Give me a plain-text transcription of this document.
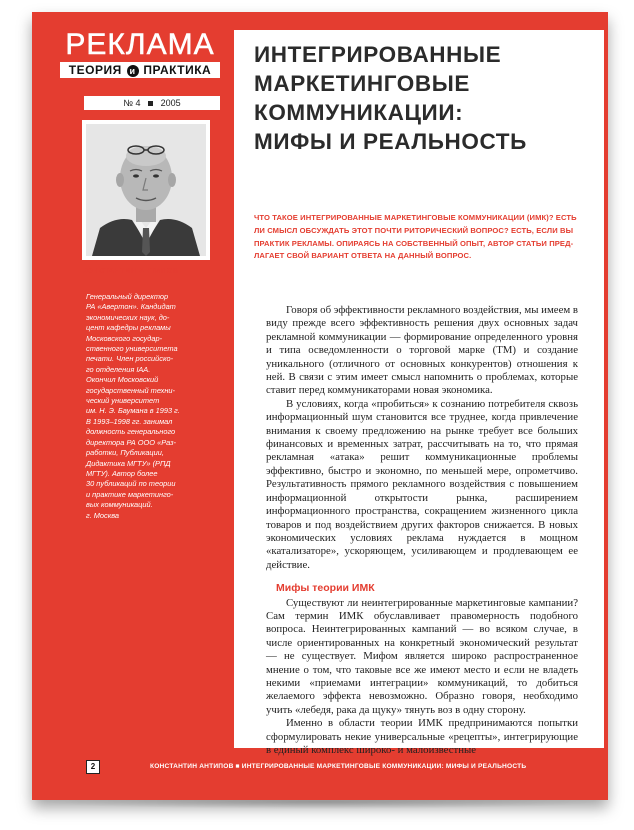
РЕКЛАМА
ТЕОРИЯ и ПРАКТИКА
№ 4 2005
КОНСТАНТИН АНТИПОВ

Генеральный директор

РА «Авертон». Кандидат

экономических наук, до-

цент кафедры рекламы

Московского государ-

ственного университета

печати. Член российско-

го отделения IAA.

Окончил Московский

государственный техни-

ческий университет

им. Н. Э. Баумана в 1993 г.

В 1993–1998 гг. занимал

должность генерального

директора РА ООО «Раз-

работки, Публикации,

Дидактика МГТУ» (РПД

МГТУ). Автор более

30 публикаций по теории

и практике маркетинго-

вых коммуникаций.

г. Москва

ИНТЕГРИРОВАННЫЕ
МАРКЕТИНГОВЫЕ
КОММУНИКАЦИИ:
МИФЫ И РЕАЛЬНОСТЬ
ЧТО ТАКОЕ ИНТЕГРИРОВАННЫЕ МАРКЕТИНГОВЫЕ КОММУНИКАЦИИ (ИМК)? ЕСТЬ
ЛИ СМЫСЛ ОБСУЖДАТЬ ЭТОТ ПОЧТИ РИТОРИЧЕСКИЙ ВОПРОС? ЕСТЬ, ЕСЛИ ВЫ
ПРАКТИК РЕКЛАМЫ. ОПИРАЯСЬ НА СОБСТВЕННЫЙ ОПЫТ, АВТОР СТАТЬИ ПРЕД-
ЛАГАЕТ СВОЙ ВАРИАНТ ОТВЕТА НА ДАННЫЙ ВОПРОС.

Говоря об эффективности рекламного воздействия, мы имеем в виду прежде всего эффективность решения двух основных задач рекламной коммуникации — формирование определенного уровня и типа осведомленности о торговой марке (ТМ) и создание уникального (отличного от основных конкурентов) отношения к ней. В связи с этим имеет смысл напомнить о проблемах, которые ставит перед коммуникаторами новая экономика.

В условиях, когда «пробиться» к сознанию потребителя сквозь информационный шум становится все труднее, когда привлечение внимания к своему предложению на рынке требует все больших финансовых и временных затрат, рассчитывать на то, что прямая рекламная «атака» решит коммуникационные проблемы эффективно, быстро и экономно, по меньшей мере, опрометчиво. Результативность прямого рекламного воздействия с повышением информационной открытости рынка, расширением информационного пространства, сокращением жизненного цикла товаров и под воздействием других факторов снижается. В новых экономических условиях реклама нуждается в мощном «катализаторе», ускоряющем, усиливающем и продлевающем ее действие.

Мифы теории ИМК

Существуют ли неинтегрированные маркетинговые кампании? Сам термин ИМК обуславливает правомерность подобного вопроса. Неинтегрированных кампаний — во всяком случае, в числе ориентированных на конкретный экономический результат — не существует. Мифом является широко распространенное мнение о том, что таковые все же имеют место и если не владеть некими «приемами интеграции» коммуникаций, то добиться желаемого эффекта невозможно. Образно говоря, необходимо учить «лебедя, рака да щуку» тянуть воз в одну сторону.

Именно в области теории ИМК предпринимаются попытки сформулировать некие универсальные «рецепты», интегрирующие в единый комплекс широко- и малоизвестные

2	КОНСТАНТИН АНТИПОВ ■ ИНТЕГРИРОВАННЫЕ МАРКЕТИНГОВЫЕ КОММУНИКАЦИИ: МИФЫ И РЕАЛЬНОСТЬ
